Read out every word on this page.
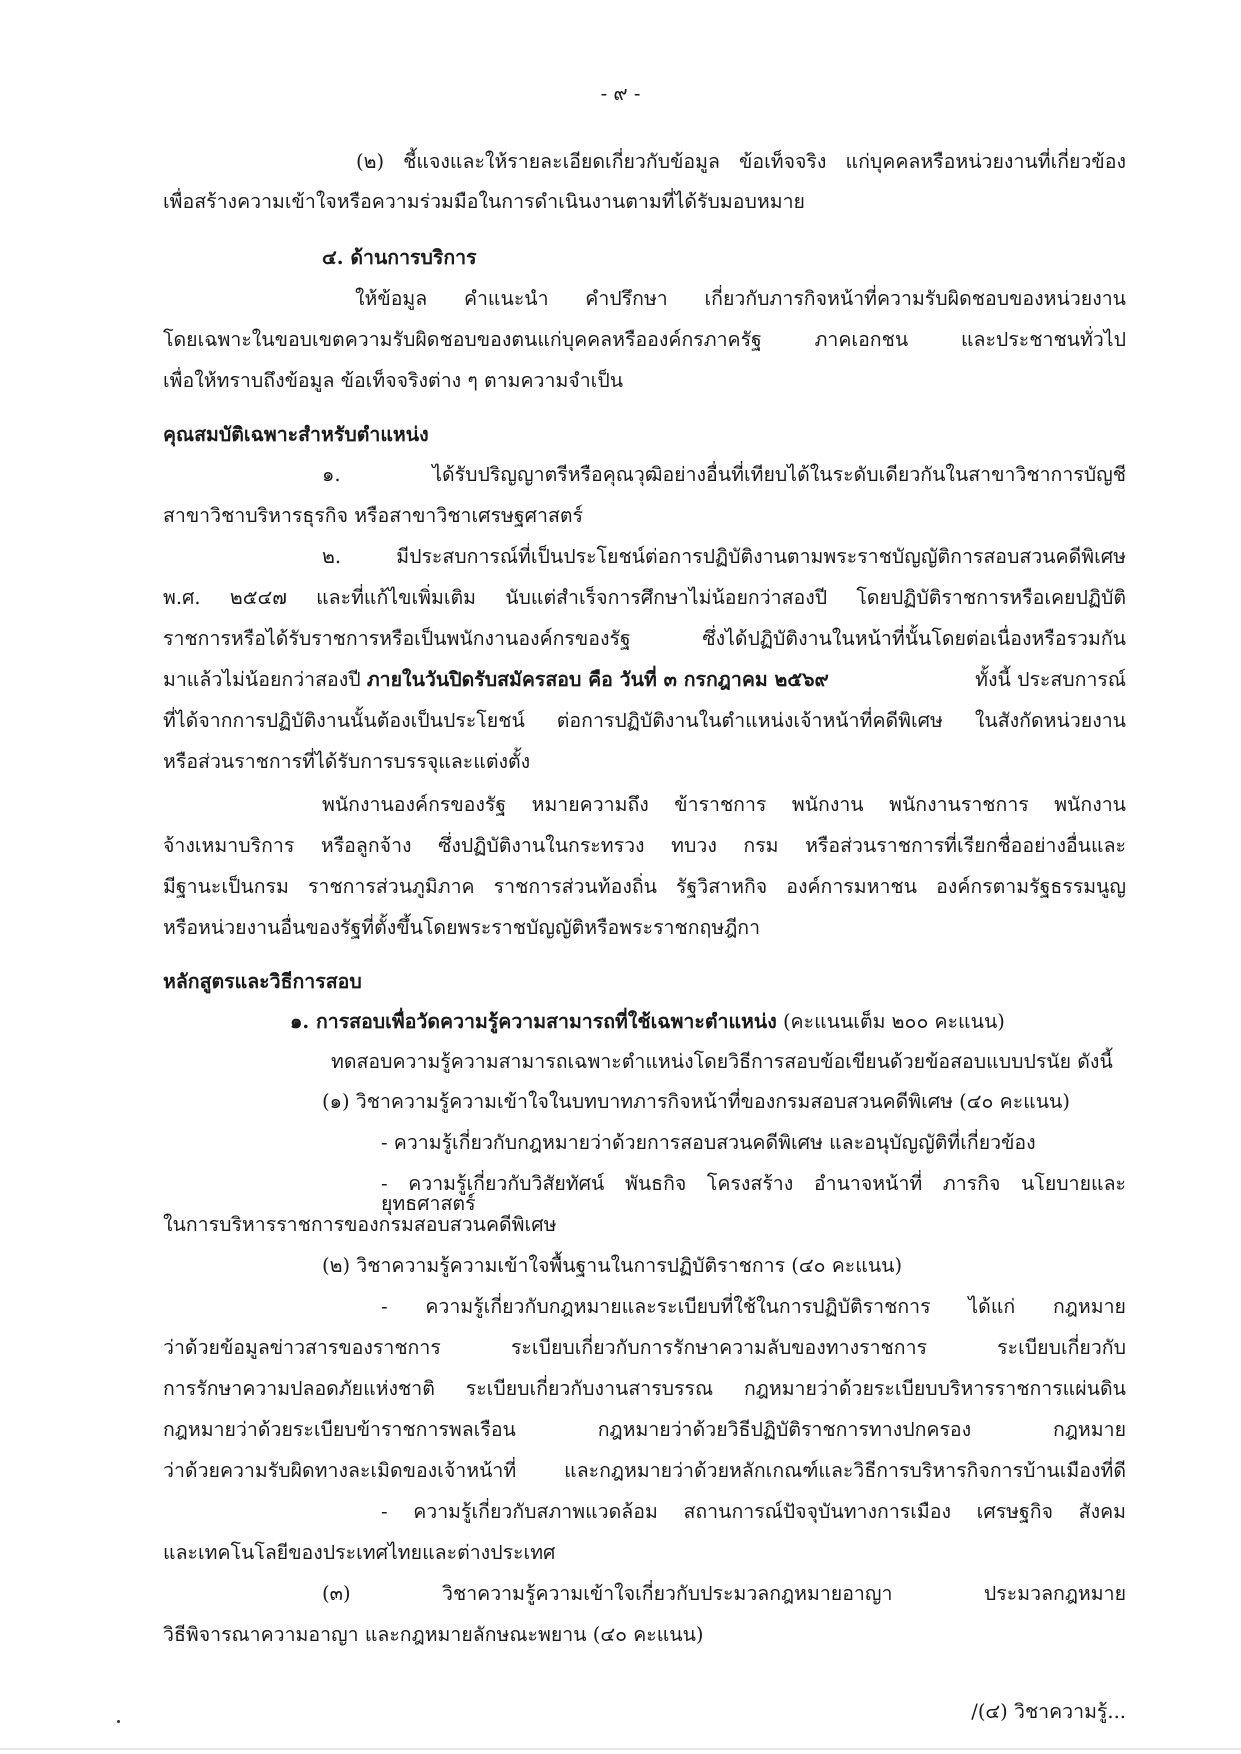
- ๙ -
(๒) ชี้แจงและให้รายละเอียดเกี่ยวกับข้อมูล ข้อเท็จจริง แก่บุคคลหรือหน่วยงานที่เกี่ยวข้อง
เพื่อสร้างความเข้าใจหรือความร่วมมือในการดำเนินงานตามที่ได้รับมอบหมาย
๔. ด้านการบริการ
ให้ข้อมูล คำแนะนำ คำปรึกษา เกี่ยวกับภารกิจหน้าที่ความรับผิดชอบของหน่วยงาน
โดยเฉพาะในขอบเขตความรับผิดชอบของตนแก่บุคคลหรือองค์กรภาครัฐ ภาคเอกชน และประชาชนทั่วไป
เพื่อให้ทราบถึงข้อมูล ข้อเท็จจริงต่าง ๆ ตามความจำเป็น
คุณสมบัติเฉพาะสำหรับตำแหน่ง
๑. ได้รับปริญญาตรีหรือคุณวุฒิอย่างอื่นที่เทียบได้ในระดับเดียวกันในสาขาวิชาการบัญชี
สาขาวิชาบริหารธุรกิจ หรือสาขาวิชาเศรษฐศาสตร์
๒. มีประสบการณ์ที่เป็นประโยชน์ต่อการปฏิบัติงานตามพระราชบัญญัติการสอบสวนคดีพิเศษ
พ.ศ. ๒๕๔๗ และที่แก้ไขเพิ่มเติม นับแต่สำเร็จการศึกษาไม่น้อยกว่าสองปี โดยปฏิบัติราชการหรือเคยปฏิบัติ
ราชการหรือได้รับราชการหรือเป็นพนักงานองค์กรของรัฐ ซึ่งได้ปฏิบัติงานในหน้าที่นั้นโดยต่อเนื่องหรือรวมกัน
มาแล้วไม่น้อยกว่าสองปี ภายในวันปิดรับสมัครสอบ คือ วันที่ ๓ กรกฎาคม ๒๕๖๙	ทั้งนี้ ประสบการณ์
ที่ได้จากการปฏิบัติงานนั้นต้องเป็นประโยชน์ ต่อการปฏิบัติงานในตำแหน่งเจ้าหน้าที่คดีพิเศษ ในสังกัดหน่วยงาน
หรือส่วนราชการที่ได้รับการบรรจุและแต่งตั้ง
พนักงานองค์กรของรัฐ หมายความถึง ข้าราชการ พนักงาน พนักงานราชการ พนักงาน
จ้างเหมาบริการ หรือลูกจ้าง ซึ่งปฏิบัติงานในกระทรวง ทบวง กรม หรือส่วนราชการที่เรียกชื่ออย่างอื่นและ
มีฐานะเป็นกรม ราชการส่วนภูมิภาค ราชการส่วนท้องถิ่น รัฐวิสาหกิจ องค์การมหาชน องค์กรตามรัฐธรรมนูญ
หรือหน่วยงานอื่นของรัฐที่ตั้งขึ้นโดยพระราชบัญญัติหรือพระราชกฤษฎีกา
หลักสูตรและวิธีการสอบ
๑. การสอบเพื่อวัดความรู้ความสามารถที่ใช้เฉพาะตำแหน่ง (คะแนนเต็ม ๒๐๐ คะแนน)
ทดสอบความรู้ความสามารถเฉพาะตำแหน่งโดยวิธีการสอบข้อเขียนด้วยข้อสอบแบบปรนัย ดังนี้
(๑) วิชาความรู้ความเข้าใจในบทบาทภารกิจหน้าที่ของกรมสอบสวนคดีพิเศษ (๔๐ คะแนน)
- ความรู้เกี่ยวกับกฎหมายว่าด้วยการสอบสวนคดีพิเศษ และอนุบัญญัติที่เกี่ยวข้อง
- ความรู้เกี่ยวกับวิสัยทัศน์ พันธกิจ โครงสร้าง อำนาจหน้าที่ ภารกิจ นโยบายและยุทธศาสตร์
ในการบริหารราชการของกรมสอบสวนคดีพิเศษ
(๒) วิชาความรู้ความเข้าใจพื้นฐานในการปฏิบัติราชการ (๔๐ คะแนน)
- ความรู้เกี่ยวกับกฎหมายและระเบียบที่ใช้ในการปฏิบัติราชการ ได้แก่ กฎหมาย
ว่าด้วยข้อมูลข่าวสารของราชการ ระเบียบเกี่ยวกับการรักษาความลับของทางราชการ ระเบียบเกี่ยวกับ
การรักษาความปลอดภัยแห่งชาติ ระเบียบเกี่ยวกับงานสารบรรณ กฎหมายว่าด้วยระเบียบบริหารราชการแผ่นดิน
กฎหมายว่าด้วยระเบียบข้าราชการพลเรือน กฎหมายว่าด้วยวิธีปฏิบัติราชการทางปกครอง กฎหมาย
ว่าด้วยความรับผิดทางละเมิดของเจ้าหน้าที่ และกฎหมายว่าด้วยหลักเกณฑ์และวิธีการบริหารกิจการบ้านเมืองที่ดี
- ความรู้เกี่ยวกับสภาพแวดล้อม สถานการณ์ปัจจุบันทางการเมือง เศรษฐกิจ สังคม
และเทคโนโลยีของประเทศไทยและต่างประเทศ
(๓) วิชาความรู้ความเข้าใจเกี่ยวกับประมวลกฎหมายอาญา ประมวลกฎหมาย
วิธีพิจารณาความอาญา และกฎหมายลักษณะพยาน (๔๐ คะแนน)
/(๔) วิชาความรู้...
